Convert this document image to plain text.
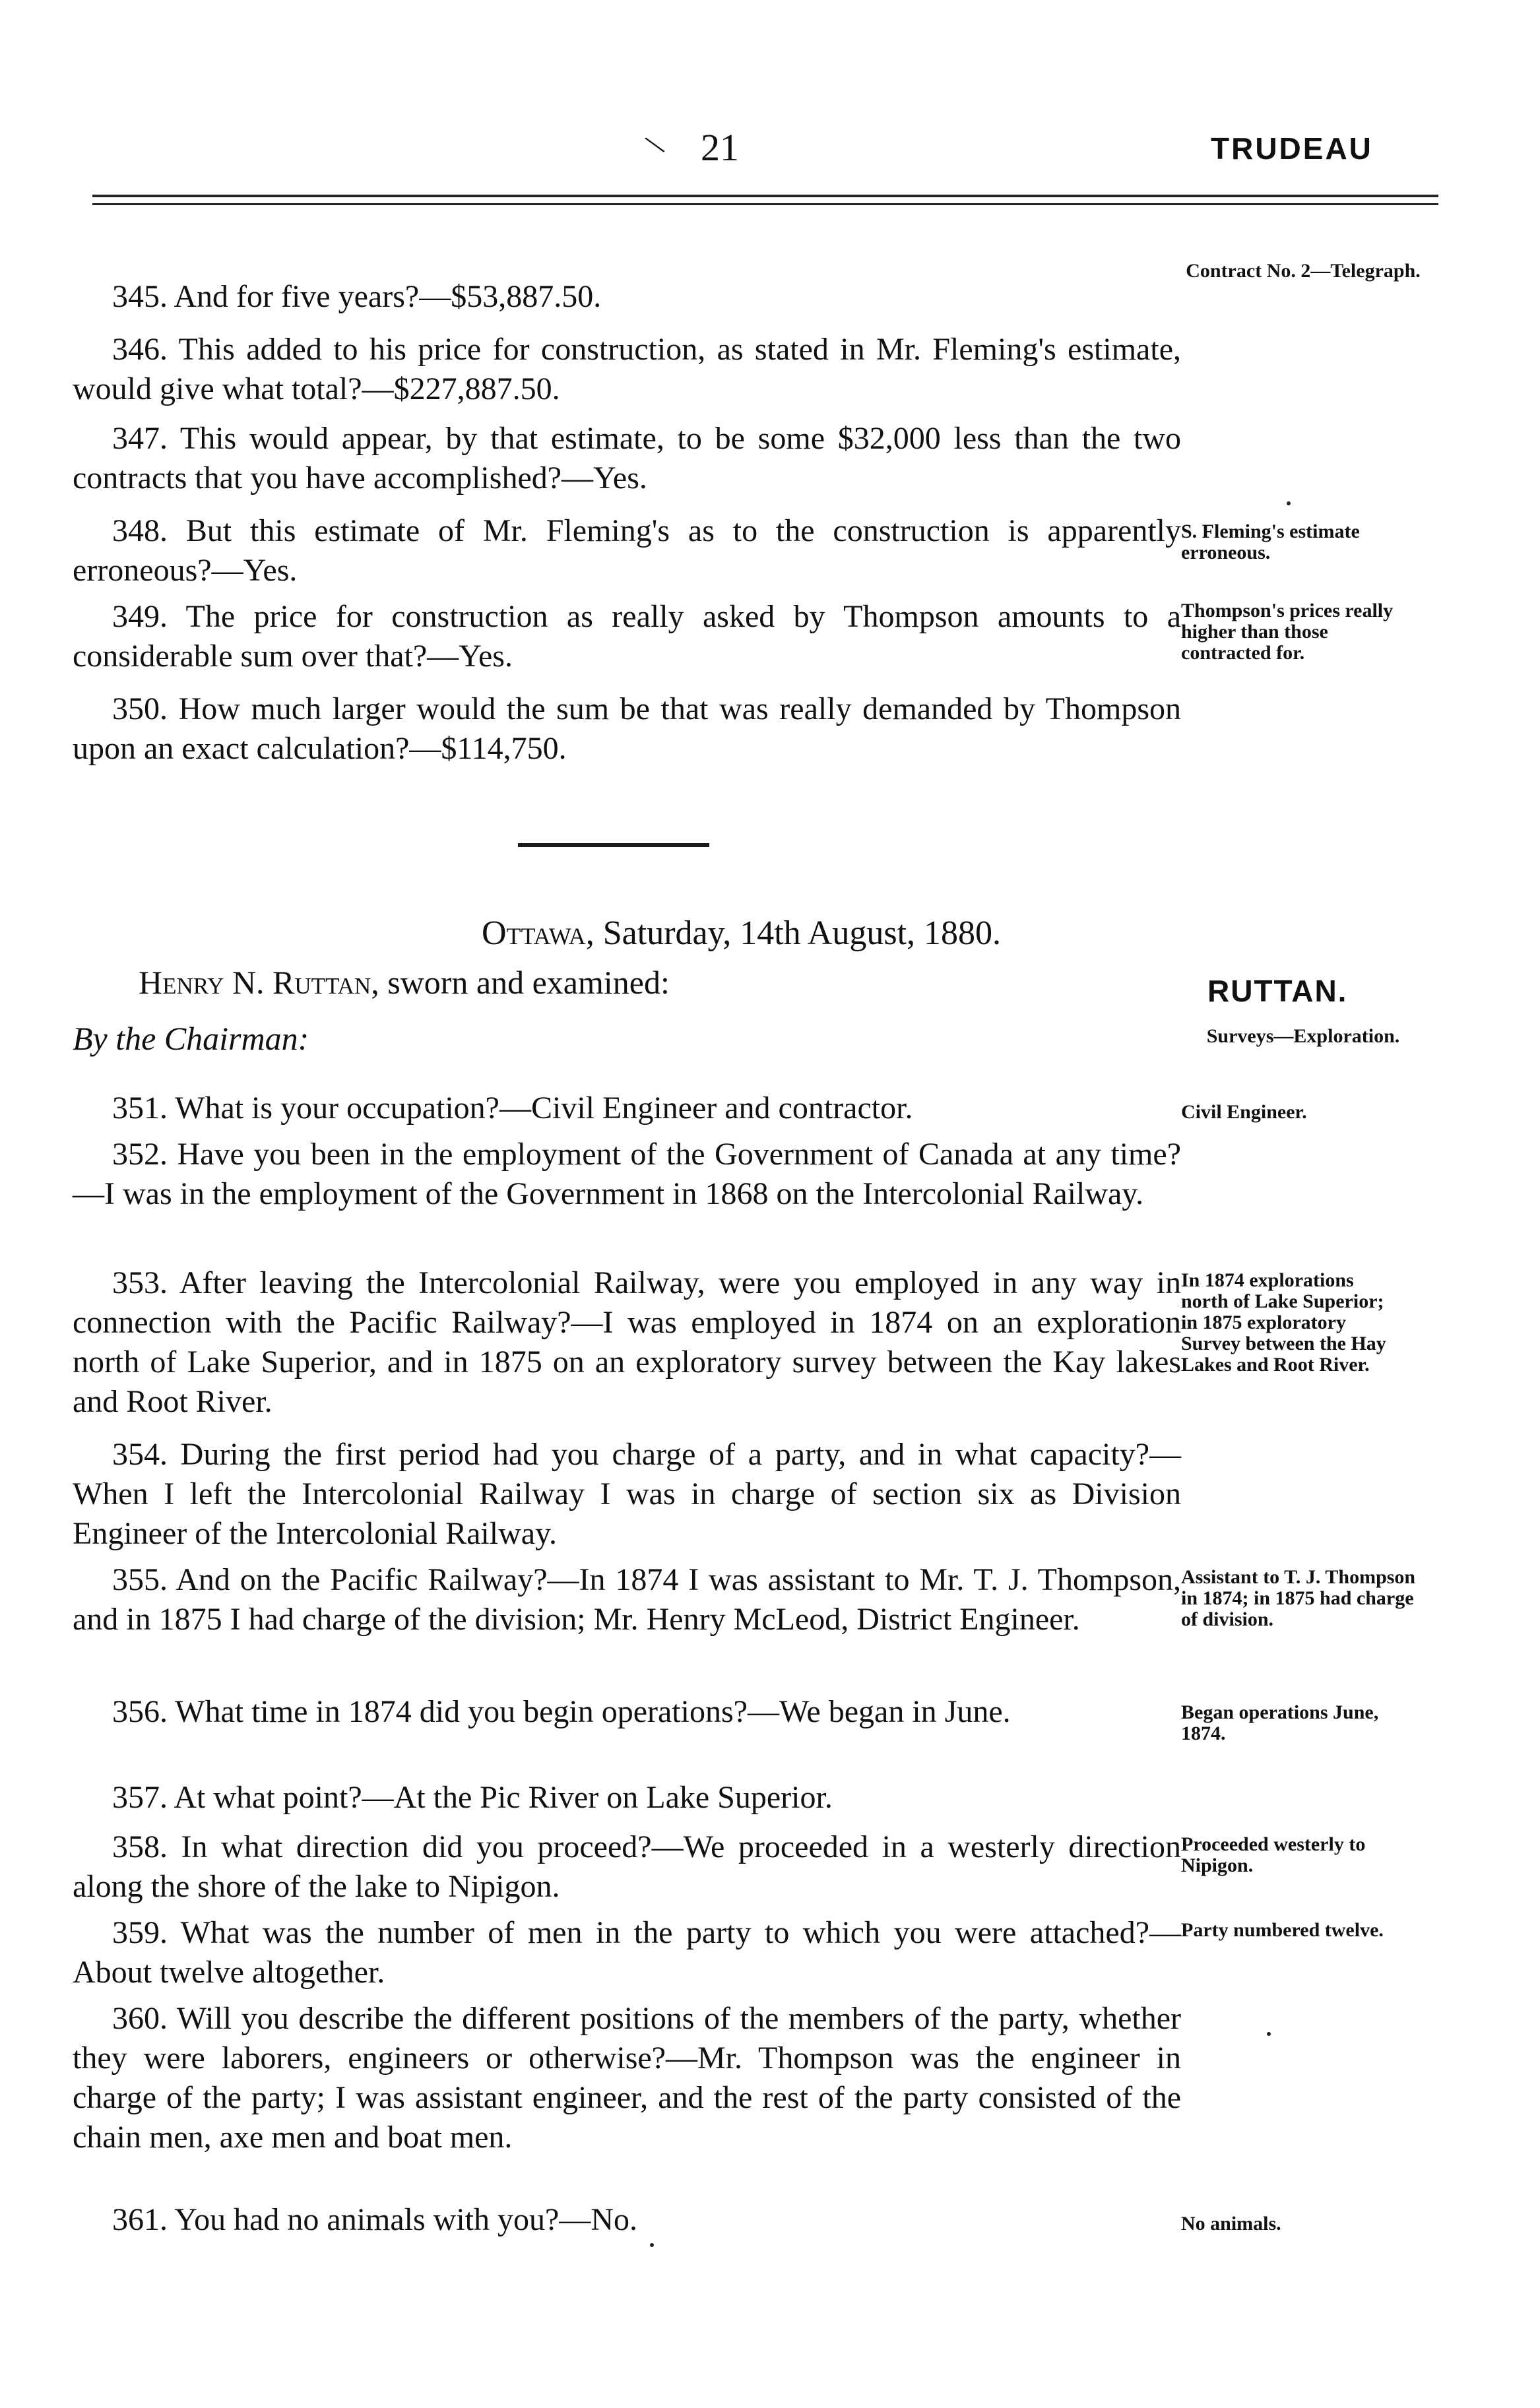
\ 21	TRUDEAU

345. And for five years?—$53,887.50.

346. This added to his price for construction, as stated in Mr. Fleming's estimate, would give what total?—$227,887.50.

347. This would appear, by that estimate, to be some $32,000 less than the two contracts that you have accomplished?—Yes.

348. But this estimate of Mr. Fleming's as to the construction is apparently erroneous?—Yes.

349. The price for construction as really asked by Thompson amounts to a considerable sum over that?—Yes.

350. How much larger would the sum be that was really demanded by Thompson upon an exact calculation?—$114,750.

Contract No. 2—Telegraph.

S. Fleming's estimate erroneous.

Thompson's prices really higher than those contracted for.

Ottawa, Saturday, 14th August, 1880.
Henry N. Ruttan, sworn and examined:	RUTTAN.
By the Chairman:

351. What is your occupation?—Civil Engineer and contractor.

352. Have you been in the employment of the Government of Canada at any time?—I was in the employment of the Government in 1868 on the Intercolonial Railway.

353. After leaving the Intercolonial Railway, were you employed in any way in connection with the Pacific Railway?—I was employed in 1874 on an exploration north of Lake Superior, and in 1875 on an exploratory survey between the Kay lakes and Root River.

354. During the first period had you charge of a party, and in what capacity?—When I left the Intercolonial Railway I was in charge of section six as Division Engineer of the Intercolonial Railway.

355. And on the Pacific Railway?—In 1874 I was assistant to Mr. T. J. Thompson, and in 1875 I had charge of the division; Mr. Henry McLeod, District Engineer.

356. What time in 1874 did you begin operations?—We began in June.

357. At what point?—At the Pic River on Lake Superior.

358. In what direction did you proceed?—We proceeded in a westerly direction along the shore of the lake to Nipigon.

359. What was the number of men in the party to which you were attached?—About twelve altogether.

360. Will you describe the different positions of the members of the party, whether they were laborers, engineers or otherwise?—Mr. Thompson was the engineer in charge of the party; I was assistant engineer, and the rest of the party consisted of the chain men, axe men and boat men.

361. You had no animals with you?—No.

Surveys—Exploration.

Civil Engineer.

In 1874 explorations north of Lake Superior; in 1875 exploratory Survey between the Hay Lakes and Root River.

Assistant to T. J. Thompson in 1874; in 1875 had charge of division.

Began operations June, 1874.

Proceeded westerly to Nipigon.

Party numbered twelve.

No animals.
